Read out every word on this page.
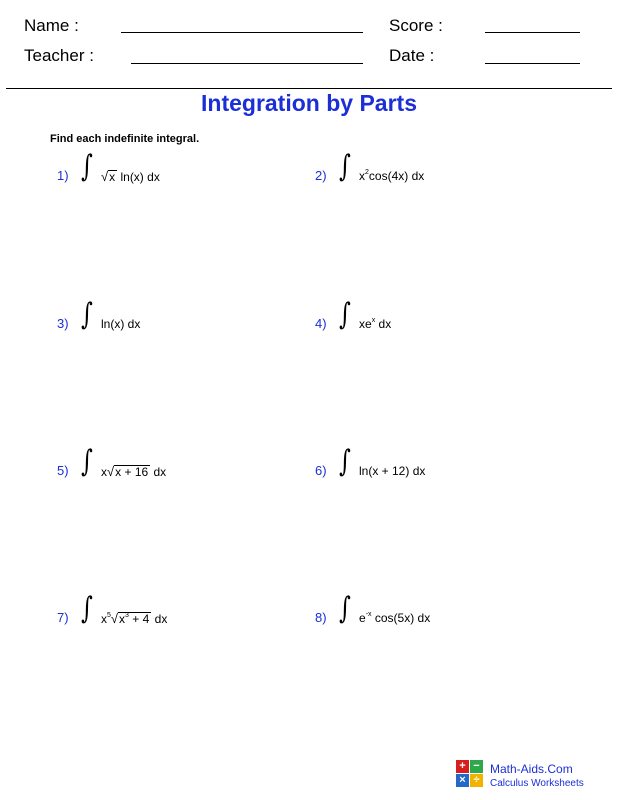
Name :	Score :
Teacher :	Date :
Integration by Parts
Find each indefinite integral.
1) ∫ √x ln(x) dx	2) ∫ $x^2\cos(4x)$ dx
3) ∫ ln(x) dx	4) ∫ $xe^x$ dx
5) ∫ x√x + 16 dx	6) ∫ ln(x + 12) dx
7) ∫ $x^5√x^3 + 4$ dx	8) ∫ $e^{-x}$ cos(5x) dx
+ −
× ÷
Math-Aids.Com
Calculus Worksheets
